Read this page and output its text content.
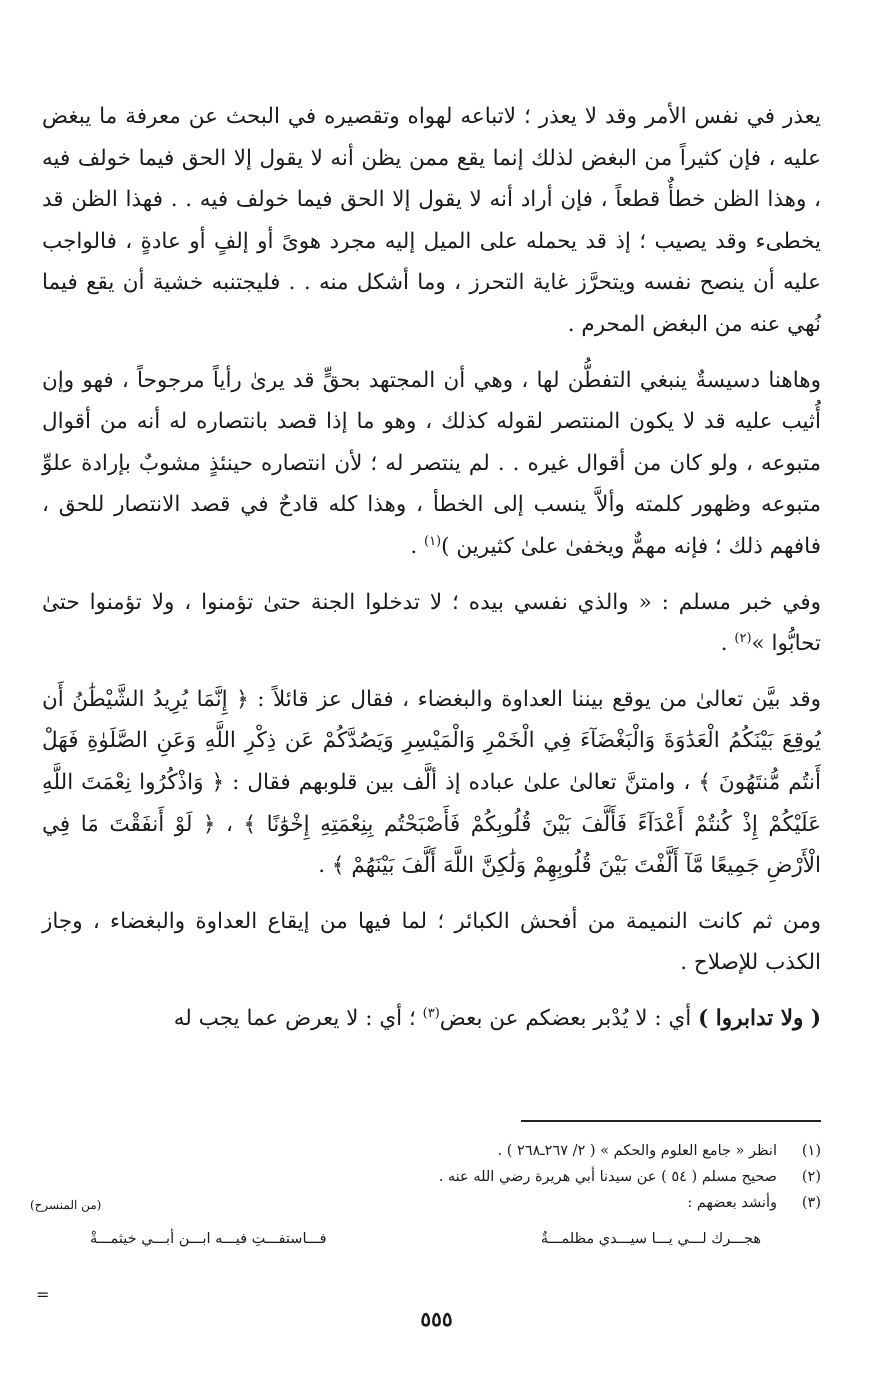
يعذر في نفس الأمر وقد لا يعذر ؛ لاتباعه لهواه وتقصيره في البحث عن معرفة ما يبغض عليه ، فإن كثيراً من البغض لذلك إنما يقع ممن يظن أنه لا يقول إلا الحق فيما خولف فيه ، وهذا الظن خطأٌ قطعاً ، فإن أراد أنه لا يقول إلا الحق فيما خولف فيه . . فهذا الظن قد يخطىء وقد يصيب ؛ إذ قد يحمله على الميل إليه مجرد هوىً أو إلفٍ أو عادةٍ ، فالواجب عليه أن ينصح نفسه ويتحرَّز غاية التحرز ، وما أشكل منه . . فليجتنبه خشية أن يقع فيما نُهي عنه من البغض المحرم .

وهاهنا دسيسةٌ ينبغي التفطُّن لها ، وهي أن المجتهد بحقٍّ قد يرىٰ رأياً مرجوحاً ، فهو وإن أُثيب عليه قد لا يكون المنتصر لقوله كذلك ، وهو ما إذا قصد بانتصاره له أنه من أقوال متبوعه ، ولو كان من أقوال غيره . . لم ينتصر له ؛ لأن انتصاره حينئذٍ مشوبٌ بإرادة علوِّ متبوعه وظهور كلمته وألاَّ ينسب إلى الخطأ ، وهذا كله قادحٌ في قصد الانتصار للحق ، فافهم ذلك ؛ فإنه مهمٌّ ويخفىٰ علىٰ كثيرين )$^{(١)}$ .

وفي خبر مسلم : « والذي نفسي بيده ؛ لا تدخلوا الجنة حتىٰ تؤمنوا ، ولا تؤمنوا حتىٰ تحابُّوا »$^{(٢)}$ .

وقد بيَّن تعالىٰ من يوقع بيننا العداوة والبغضاء ، فقال عز قائلاً : ﴿ إِنَّمَا يُرِيدُ الشَّيْطَٰنُ أَن يُوقِعَ بَيْنَكُمُ الْعَدَٰوَةَ وَالْبَغْضَآءَ فِي الْخَمْرِ وَالْمَيْسِرِ وَيَصُدَّكُمْ عَن ذِكْرِ اللَّهِ وَعَنِ الصَّلَوٰةِ فَهَلْ أَنتُم مُّنتَهُونَ ﴾ ، وامتنَّ تعالىٰ علىٰ عباده إذ ألَّف بين قلوبهم فقال : ﴿ وَاذْكُرُوا نِعْمَتَ اللَّهِ عَلَيْكُمْ إِذْ كُنتُمْ أَعْدَآءً فَأَلَّفَ بَيْنَ قُلُوبِكُمْ فَأَصْبَحْتُم بِنِعْمَتِهِ إِخْوَٰنًا ﴾ ، ﴿ لَوْ أَنفَقْتَ مَا فِي الْأَرْضِ جَمِيعًا مَّآ أَلَّفْتَ بَيْنَ قُلُوبِهِمْ وَلَٰكِنَّ اللَّهَ أَلَّفَ بَيْنَهُمْ ﴾ .

ومن ثم كانت النميمة من أفحش الكبائر ؛ لما فيها من إيقاع العداوة والبغضاء ، وجاز الكذب للإصلاح .

( ولا تدابروا ) أي : لا يُدْبر بعضكم عن بعض$^{(٣)}$ ؛ أي : لا يعرض عما يجب له

(١)
انظر « جامع العلوم والحكم » ( ٢/ ٢٦٧ـ٢٦٨ ) .
(٢)
صحيح مسلم ( ٥٤ ) عن سيدنا أبي هريرة رضي الله عنه .
(٣)
وأنشد بعضهم :
(من المنسرح)
هجـــرك لـــي يـــا سيـــدي مظلمـــةٌ
فـــاستفـــتِ فيـــه ابـــن أبـــي خيثمـــةْ
=
٥٥٥
